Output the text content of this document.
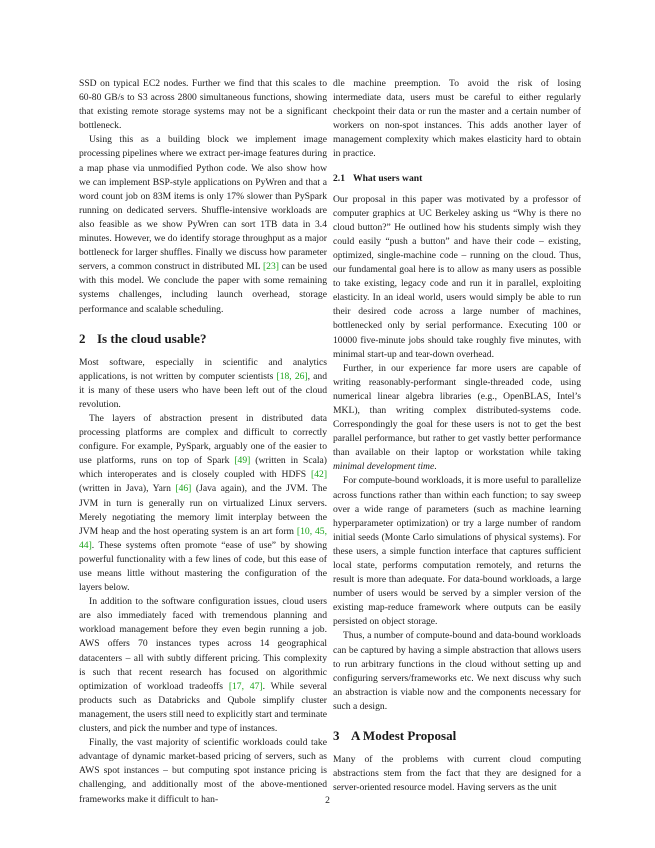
SSD on typical EC2 nodes. Further we find that this scales to 60-80 GB/s to S3 across 2800 simultaneous functions, showing that existing remote storage systems may not be a significant bottleneck.

Using this as a building block we implement image processing pipelines where we extract per-image features during a map phase via unmodified Python code. We also show how we can implement BSP-style applications on PyWren and that a word count job on 83M items is only 17% slower than PySpark running on dedicated servers. Shuffle-intensive workloads are also feasible as we show PyWren can sort 1TB data in 3.4 minutes. However, we do identify storage throughput as a major bottleneck for larger shuffles. Finally we discuss how parameter servers, a common construct in distributed ML [23] can be used with this model. We conclude the paper with some remaining systems challenges, including launch overhead, storage performance and scalable scheduling.

2 Is the cloud usable?

Most software, especially in scientific and analytics applications, is not written by computer scientists [18, 26], and it is many of these users who have been left out of the cloud revolution.

The layers of abstraction present in distributed data processing platforms are complex and difficult to correctly configure. For example, PySpark, arguably one of the easier to use platforms, runs on top of Spark [49] (written in Scala) which interoperates and is closely coupled with HDFS [42] (written in Java), Yarn [46] (Java again), and the JVM. The JVM in turn is generally run on virtualized Linux servers. Merely negotiating the memory limit interplay between the JVM heap and the host operating system is an art form [10, 45, 44]. These systems often promote “ease of use” by showing powerful functionality with a few lines of code, but this ease of use means little without mastering the configuration of the layers below.

In addition to the software configuration issues, cloud users are also immediately faced with tremendous planning and workload management before they even begin running a job. AWS offers 70 instances types across 14 geographical datacenters – all with subtly different pricing. This complexity is such that recent research has focused on algorithmic optimization of workload tradeoffs [17, 47]. While several products such as Databricks and Qubole simplify cluster management, the users still need to explicitly start and terminate clusters, and pick the number and type of instances.

Finally, the vast majority of scientific workloads could take advantage of dynamic market-based pricing of servers, such as AWS spot instances – but computing spot instance pricing is challenging, and additionally most of the above-mentioned frameworks make it difficult to han-

dle machine preemption. To avoid the risk of losing intermediate data, users must be careful to either regularly checkpoint their data or run the master and a certain number of workers on non-spot instances. This adds another layer of management complexity which makes elasticity hard to obtain in practice.

2.1 What users want

Our proposal in this paper was motivated by a professor of computer graphics at UC Berkeley asking us “Why is there no cloud button?” He outlined how his students simply wish they could easily “push a button” and have their code – existing, optimized, single-machine code – running on the cloud. Thus, our fundamental goal here is to allow as many users as possible to take existing, legacy code and run it in parallel, exploiting elasticity. In an ideal world, users would simply be able to run their desired code across a large number of machines, bottlenecked only by serial performance. Executing 100 or 10000 five-minute jobs should take roughly five minutes, with minimal start-up and tear-down overhead.

Further, in our experience far more users are capable of writing reasonably-performant single-threaded code, using numerical linear algebra libraries (e.g., OpenBLAS, Intel’s MKL), than writing complex distributed-systems code. Correspondingly the goal for these users is not to get the best parallel performance, but rather to get vastly better performance than available on their laptop or workstation while taking minimal development time.

For compute-bound workloads, it is more useful to parallelize across functions rather than within each function; to say sweep over a wide range of parameters (such as machine learning hyperparameter optimization) or try a large number of random initial seeds (Monte Carlo simulations of physical systems). For these users, a simple function interface that captures sufficient local state, performs computation remotely, and returns the result is more than adequate. For data-bound workloads, a large number of users would be served by a simpler version of the existing map-reduce framework where outputs can be easily persisted on object storage.

Thus, a number of compute-bound and data-bound workloads can be captured by having a simple abstraction that allows users to run arbitrary functions in the cloud without setting up and configuring servers/frameworks etc. We next discuss why such an abstraction is viable now and the components necessary for such a design.

3 A Modest Proposal

Many of the problems with current cloud computing abstractions stem from the fact that they are designed for a server-oriented resource model. Having servers as the unit

2
